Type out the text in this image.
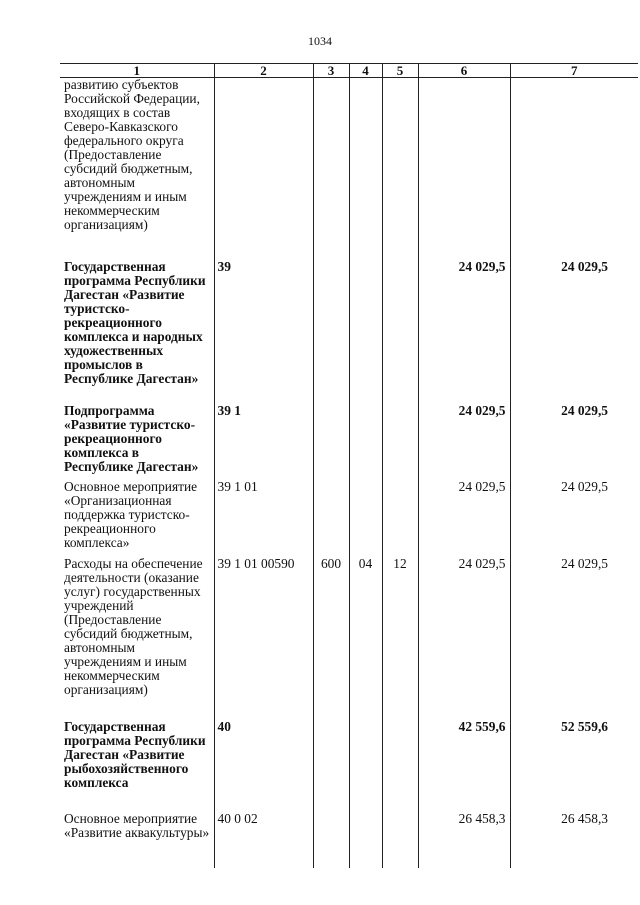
1034
1	2	3	4	5	6	7
развитию субъектов Российской Федерации, входящих в состав Северо-Кавказского федерального округа (Предоставление субсидий бюджетным, автономным учреждениям и иным некоммерческим организациям)						
Государственная программа Республики Дагестан «Развитие туристско-рекреационного комплекса и народных художественных промыслов в Республике Дагестан»	39				24 029,5	24 029,5
Подпрограмма «Развитие туристско-рекреационного комплекса в Республике Дагестан»	39 1				24 029,5	24 029,5
Основное мероприятие «Организационная поддержка туристско-рекреационного комплекса»	39 1 01				24 029,5	24 029,5
Расходы на обеспечение деятельности (оказание услуг) государственных учреждений (Предоставление субсидий бюджетным, автономным учреждениям и иным некоммерческим организациям)	39 1 01 00590	600	04	12	24 029,5	24 029,5
Государственная программа Республики Дагестан «Развитие рыбохозяйственного комплекса	40				42 559,6	52 559,6
Основное мероприятие «Развитие аквакультуры»	40 0 02				26 458,3	26 458,3
